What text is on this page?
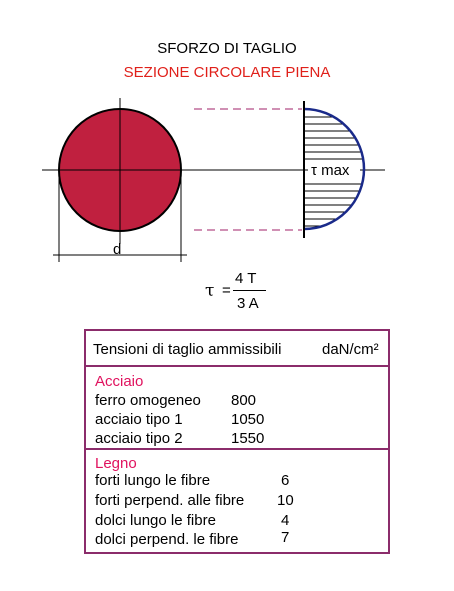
SFORZO DI TAGLIO
SEZIONE CIRCOLARE PIENA
d
τ max
τ =
4 T
3 A
Tensioni di taglio ammissibili	daN/cm²
Acciaio
ferro omogeneo 800
acciaio tipo 1	1050
acciaio tipo 2	1550
Legno
forti lungo le fibre	6
forti perpend. alle fibre 10
dolci lungo le fibre	4
dolci perpend. le fibre	7
